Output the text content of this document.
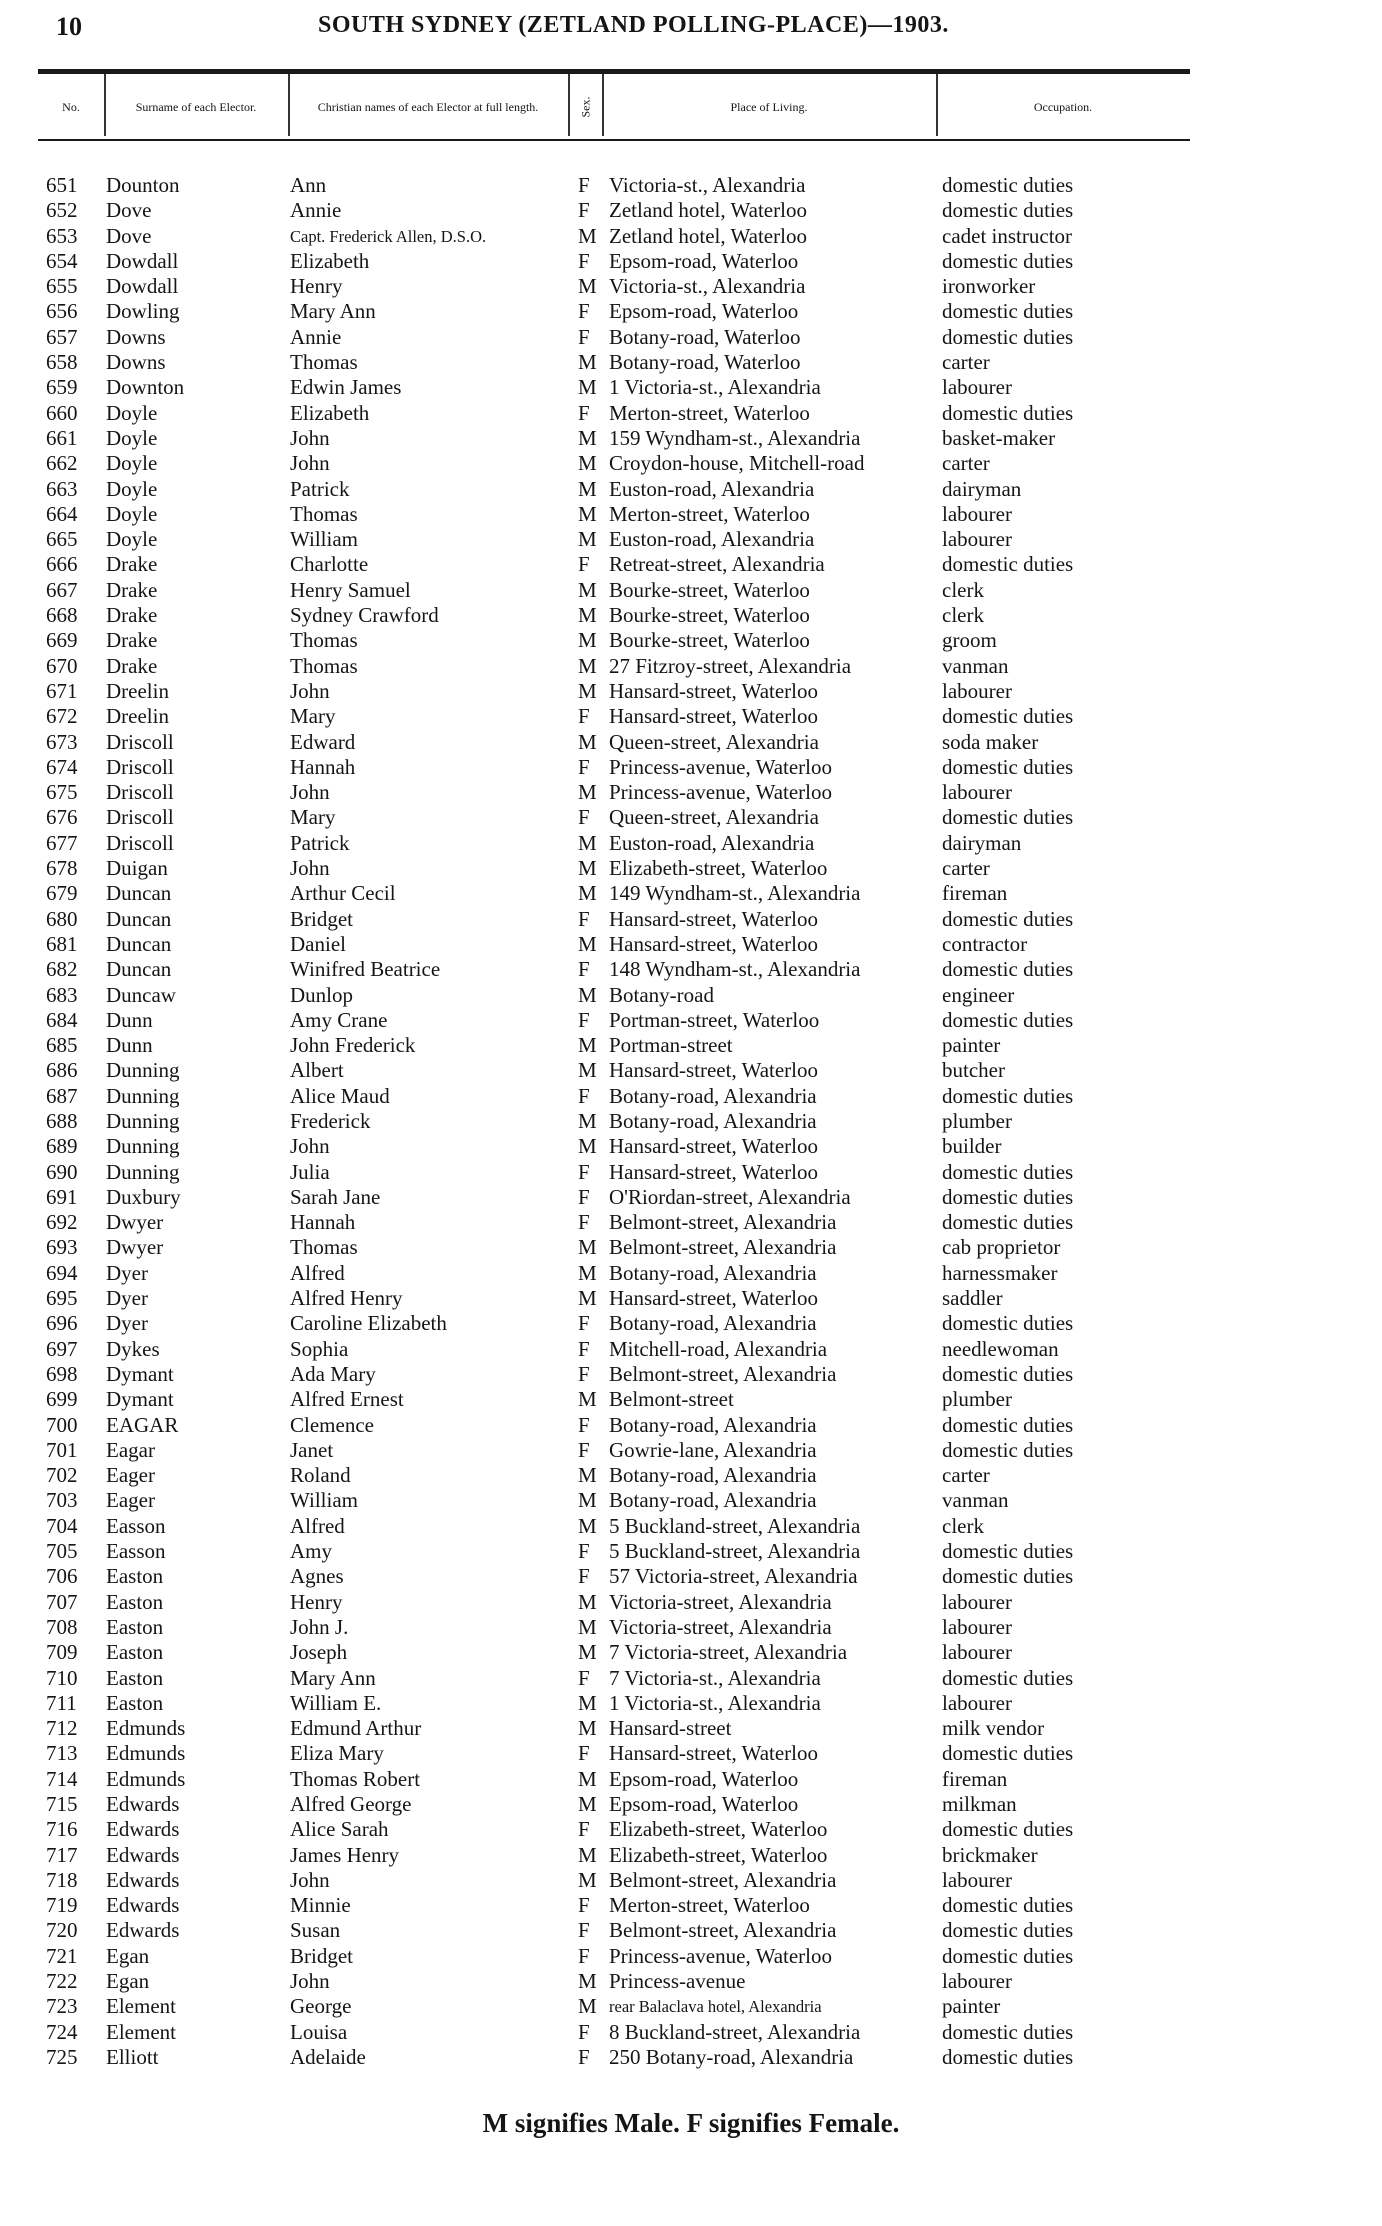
10	SOUTH SYDNEY (ZETLAND POLLING-PLACE)—1903.
No.	Surname of each Elector.	Christian names of each Elector at full length.	Sex.	Place of Living.	Occupation.
651 Dounton	Ann	F Victoria-st., Alexandria	domestic duties
652 Dove	Annie	F Zetland hotel, Waterloo	domestic duties
653 Dove	Capt. Frederick Allen, D.S.O.	M Zetland hotel, Waterloo	cadet instructor
654 Dowdall	Elizabeth	F Epsom-road, Waterloo	domestic duties
655 Dowdall	Henry	M Victoria-st., Alexandria	ironworker
656 Dowling	Mary Ann	F Epsom-road, Waterloo	domestic duties
657 Downs	Annie	F Botany-road, Waterloo	domestic duties
658 Downs	Thomas	M Botany-road, Waterloo	carter
659 Downton	Edwin James	M 1 Victoria-st., Alexandria	labourer
660 Doyle	Elizabeth	F Merton-street, Waterloo	domestic duties
661 Doyle	John	M 159 Wyndham-st., Alexandria	basket-maker
662 Doyle	John	M Croydon-house, Mitchell-road	carter
663 Doyle	Patrick	M Euston-road, Alexandria	dairyman
664 Doyle	Thomas	M Merton-street, Waterloo	labourer
665 Doyle	William	M Euston-road, Alexandria	labourer
666 Drake	Charlotte	F Retreat-street, Alexandria	domestic duties
667 Drake	Henry Samuel	M Bourke-street, Waterloo	clerk
668 Drake	Sydney Crawford	M Bourke-street, Waterloo	clerk
669 Drake	Thomas	M Bourke-street, Waterloo	groom
670 Drake	Thomas	M 27 Fitzroy-street, Alexandria	vanman
671 Dreelin	John	M Hansard-street, Waterloo	labourer
672 Dreelin	Mary	F Hansard-street, Waterloo	domestic duties
673 Driscoll	Edward	M Queen-street, Alexandria	soda maker
674 Driscoll	Hannah	F Princess-avenue, Waterloo	domestic duties
675 Driscoll	John	M Princess-avenue, Waterloo	labourer
676 Driscoll	Mary	F Queen-street, Alexandria	domestic duties
677 Driscoll	Patrick	M Euston-road, Alexandria	dairyman
678 Duigan	John	M Elizabeth-street, Waterloo	carter
679 Duncan	Arthur Cecil	M 149 Wyndham-st., Alexandria	fireman
680 Duncan	Bridget	F Hansard-street, Waterloo	domestic duties
681 Duncan	Daniel	M Hansard-street, Waterloo	contractor
682 Duncan	Winifred Beatrice	F 148 Wyndham-st., Alexandria	domestic duties
683 Duncaw	Dunlop	M Botany-road	engineer
684 Dunn	Amy Crane	F Portman-street, Waterloo	domestic duties
685 Dunn	John Frederick	M Portman-street	painter
686 Dunning	Albert	M Hansard-street, Waterloo	butcher
687 Dunning	Alice Maud	F Botany-road, Alexandria	domestic duties
688 Dunning	Frederick	M Botany-road, Alexandria	plumber
689 Dunning	John	M Hansard-street, Waterloo	builder
690 Dunning	Julia	F Hansard-street, Waterloo	domestic duties
691 Duxbury	Sarah Jane	F O'Riordan-street, Alexandria	domestic duties
692 Dwyer	Hannah	F Belmont-street, Alexandria	domestic duties
693 Dwyer	Thomas	M Belmont-street, Alexandria	cab proprietor
694 Dyer	Alfred	M Botany-road, Alexandria	harnessmaker
695 Dyer	Alfred Henry	M Hansard-street, Waterloo	saddler
696 Dyer	Caroline Elizabeth	F Botany-road, Alexandria	domestic duties
697 Dykes	Sophia	F Mitchell-road, Alexandria	needlewoman
698 Dymant	Ada Mary	F Belmont-street, Alexandria	domestic duties
699 Dymant	Alfred Ernest	M Belmont-street	plumber
700 EAGAR	Clemence	F Botany-road, Alexandria	domestic duties
701 Eagar	Janet	F Gowrie-lane, Alexandria	domestic duties
702 Eager	Roland	M Botany-road, Alexandria	carter
703 Eager	William	M Botany-road, Alexandria	vanman
704 Easson	Alfred	M 5 Buckland-street, Alexandria	clerk
705 Easson	Amy	F 5 Buckland-street, Alexandria	domestic duties
706 Easton	Agnes	F 57 Victoria-street, Alexandria	domestic duties
707 Easton	Henry	M Victoria-street, Alexandria	labourer
708 Easton	John J.	M Victoria-street, Alexandria	labourer
709 Easton	Joseph	M 7 Victoria-street, Alexandria	labourer
710 Easton	Mary Ann	F 7 Victoria-st., Alexandria	domestic duties
711 Easton	William E.	M 1 Victoria-st., Alexandria	labourer
712 Edmunds	Edmund Arthur	M Hansard-street	milk vendor
713 Edmunds	Eliza Mary	F Hansard-street, Waterloo	domestic duties
714 Edmunds	Thomas Robert	M Epsom-road, Waterloo	fireman
715 Edwards	Alfred George	M Epsom-road, Waterloo	milkman
716 Edwards	Alice Sarah	F Elizabeth-street, Waterloo	domestic duties
717 Edwards	James Henry	M Elizabeth-street, Waterloo	brickmaker
718 Edwards	John	M Belmont-street, Alexandria	labourer
719 Edwards	Minnie	F Merton-street, Waterloo	domestic duties
720 Edwards	Susan	F Belmont-street, Alexandria	domestic duties
721 Egan	Bridget	F Princess-avenue, Waterloo	domestic duties
722 Egan	John	M Princess-avenue	labourer
723 Element	George	M rear Balaclava hotel, Alexandria	painter
724 Element	Louisa	F 8 Buckland-street, Alexandria	domestic duties
725 Elliott	Adelaide	F 250 Botany-road, Alexandria	domestic duties
M signifies Male. F signifies Female.
